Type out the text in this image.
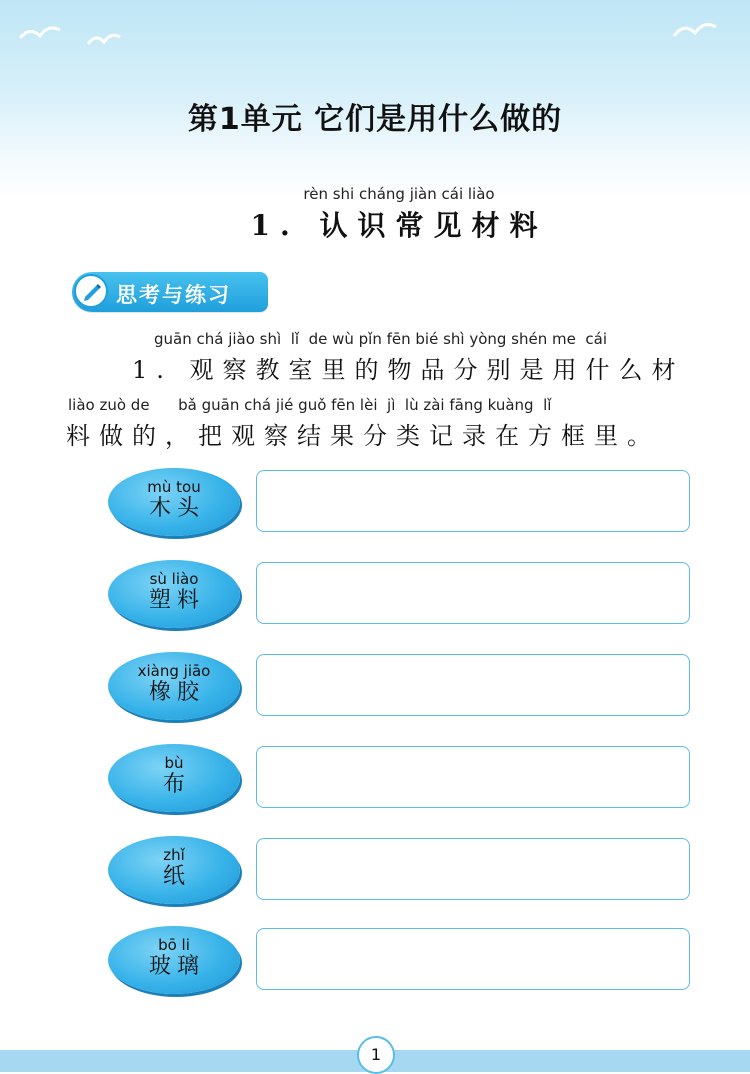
第1单元 它们是用什么做的
rèn shi cháng jiàn cái liào
1. 认识常见材料
思考与练习
guān chá jiào shì  lǐ  de wù pǐn fēn bié shì yòng shén me  cái
1. 观察教室里的物品分别是用什么材
liào zuò de      bǎ guān chá jié guǒ fēn lèi  jì  lù zài fāng kuàng  lǐ
料做的，把观察结果分类记录在方框里。
mù tou
木头
sù liào
塑料
xiàng jiāo
橡胶
bù
布
zhǐ
纸
bō li
玻璃
1
